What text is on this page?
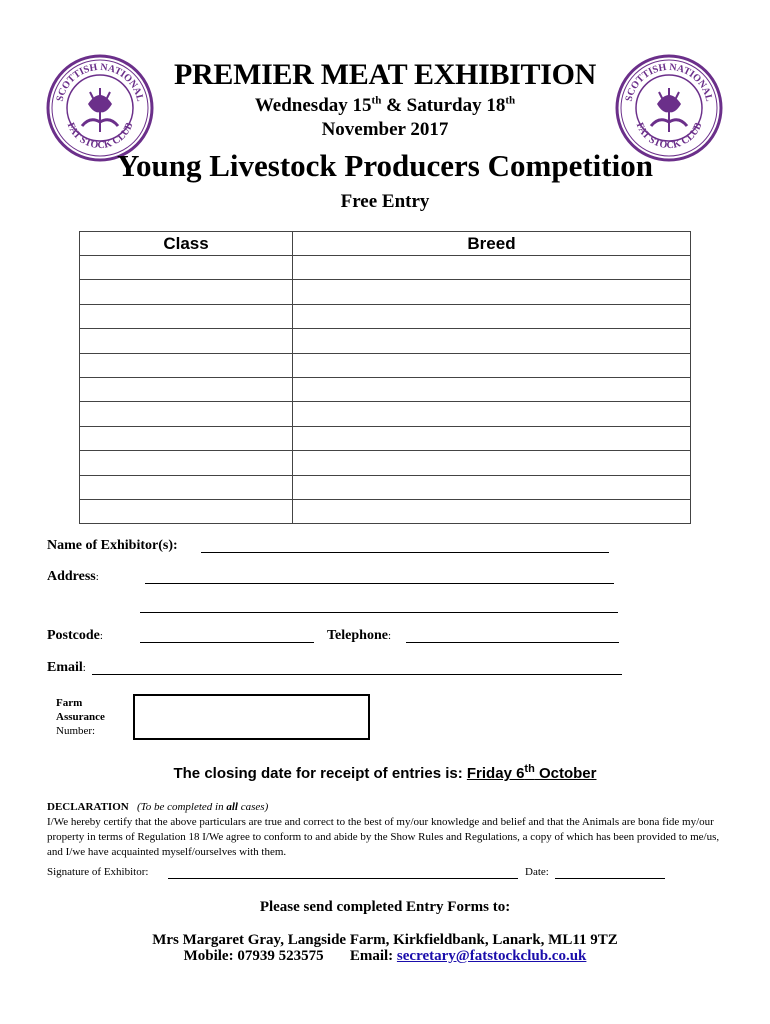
SCOTTISH NATIONAL
FAT STOCK CLUB
SCOTTISH NATIONAL
FAT STOCK CLUB
PREMIER MEAT EXHIBITION
Wednesday 15th & Saturday 18th
November 2017
Young Livestock Producers Competition
Free Entry
Class	Breed

Name of Exhibitor(s):
Address:
Postcode:	Telephone:
Email:
Farm
Assurance
Number:
The closing date for receipt of entries is: Friday 6th October
DECLARATION (To be completed in all cases)
I/We hereby certify that the above particulars are true and correct to the best of my/our knowledge and belief and that the Animals are bona fide my/our property in terms of Regulation 18 I/We agree to conform to and abide by the Show Rules and Regulations, a copy of which has been provided to me/us, and I/we have acquainted myself/ourselves with them.
Signature of Exhibitor:	Date:
Please send completed Entry Forms to:
Mrs Margaret Gray, Langside Farm, Kirkfieldbank, Lanark, ML11 9TZ
Mobile: 07939 523575 Email: secretary@fatstockclub.co.uk
